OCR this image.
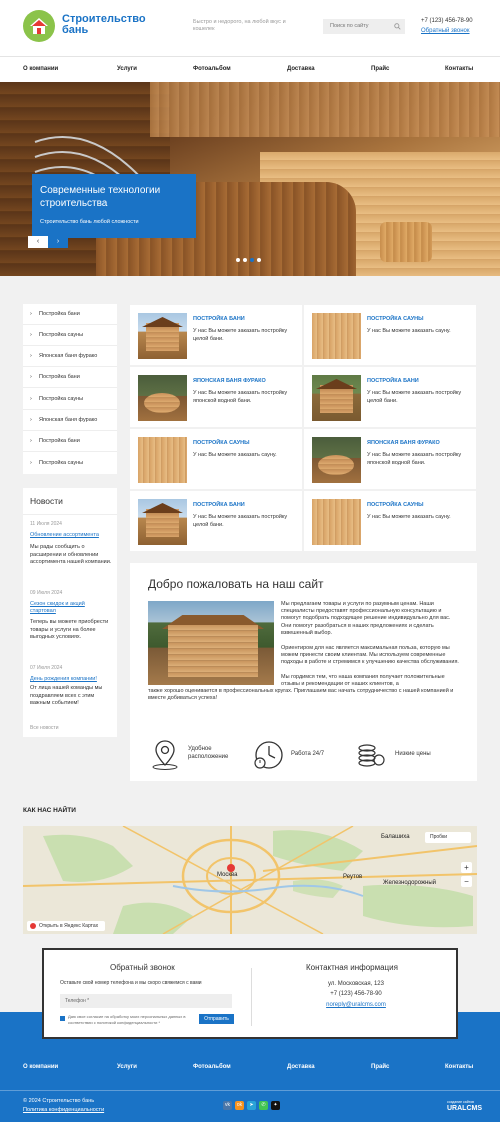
Строительство бань
Быстро и недорого, на любой вкус и кошелек	Поиск по сайту
+7 (123) 456-78-90
Обратный звонок
О компании	Услуги	Фотоальбом	Доставка	Прайс	Контакты
Современные технологии строительства
Строительство бань любой сложности
‹	›
› Постройка бани
› Постройка сауны
› Японская баня фурако
› Постройка бани
› Постройка сауны
› Японская баня фурако
› Постройка бани
› Постройка сауны
Новости
11 Июля 2024
Обновление ассортимента
Мы рады сообщить о расширении и обновлении ассортимента нашей компании.
09 Июля 2024
Сезон скидок и акций стартовал
Теперь вы можете приобрести товары и услуги на более выгодных условиях.
07 Июля 2024
День рождения компании!
От лица нашей команды мы поздравляем всех с этим важным событием!
Все новости
ПОСТРОЙКА БАНИ
У нас Вы можете заказать постройку целой бани.
ПОСТРОЙКА САУНЫ
У нас Вы можете заказать сауну.
ЯПОНСКАЯ БАНЯ ФУРАКО
У нас Вы можете заказать постройку японской водной бани.
ПОСТРОЙКА БАНИ
У нас Вы можете заказать постройку целой бани.
ПОСТРОЙКА САУНЫ
У нас Вы можете заказать сауну.
ЯПОНСКАЯ БАНЯ ФУРАКО
У нас Вы можете заказать постройку японской водной бани.
ПОСТРОЙКА БАНИ
У нас Вы можете заказать постройку целой бани.
ПОСТРОЙКА САУНЫ
У нас Вы можете заказать сауну.
Добро пожаловать на наш сайт
Мы предлагаем товары и услуги по разумным ценам. Наши специалисты предоставят профессиональную консультацию и помогут подобрать подходящее решение индивидуально для вас. Они помогут разобраться в наших предложениях и сделать взвешенный выбор.
Ориентиром для нас является максимальная польза, которую мы можем принести своим клиентам. Мы используем современные подходы в работе и стремимся к улучшению качества обслуживания.
Мы гордимся тем, что наша компания получает положительные отзывы и рекомендации от наших клиентов, а
также хорошо оценивается в профессиональных кругах. Приглашаем вас начать сотрудничество с нашей компанией и вместе добиваться успеха!
Удобное расположение	Работа 24/7	Низкие цены
КАК НАС НАЙТИ
Москва
Балашиха
Реутов
Железнодорожный
Пробки
+
−
Открыть в Яндекс Картах
Обратный звонок
Оставьте свой номер телефона и мы скоро свяжемся с вами
Телефон *
Даю свое согласие на обработку моих персональных данных в соответствии с политикой конфиденциальности *
Отправить
Контактная информация
ул. Московская, 123
+7 (123) 456-78-90
noreply@uralcms.com
О компании	Услуги	Фотоальбом	Доставка	Прайс	Контакты
© 2024 Строительство бань
Политика конфиденциальности
vk	ok	➤	✆	✦	создание сайтов
URALCMS
